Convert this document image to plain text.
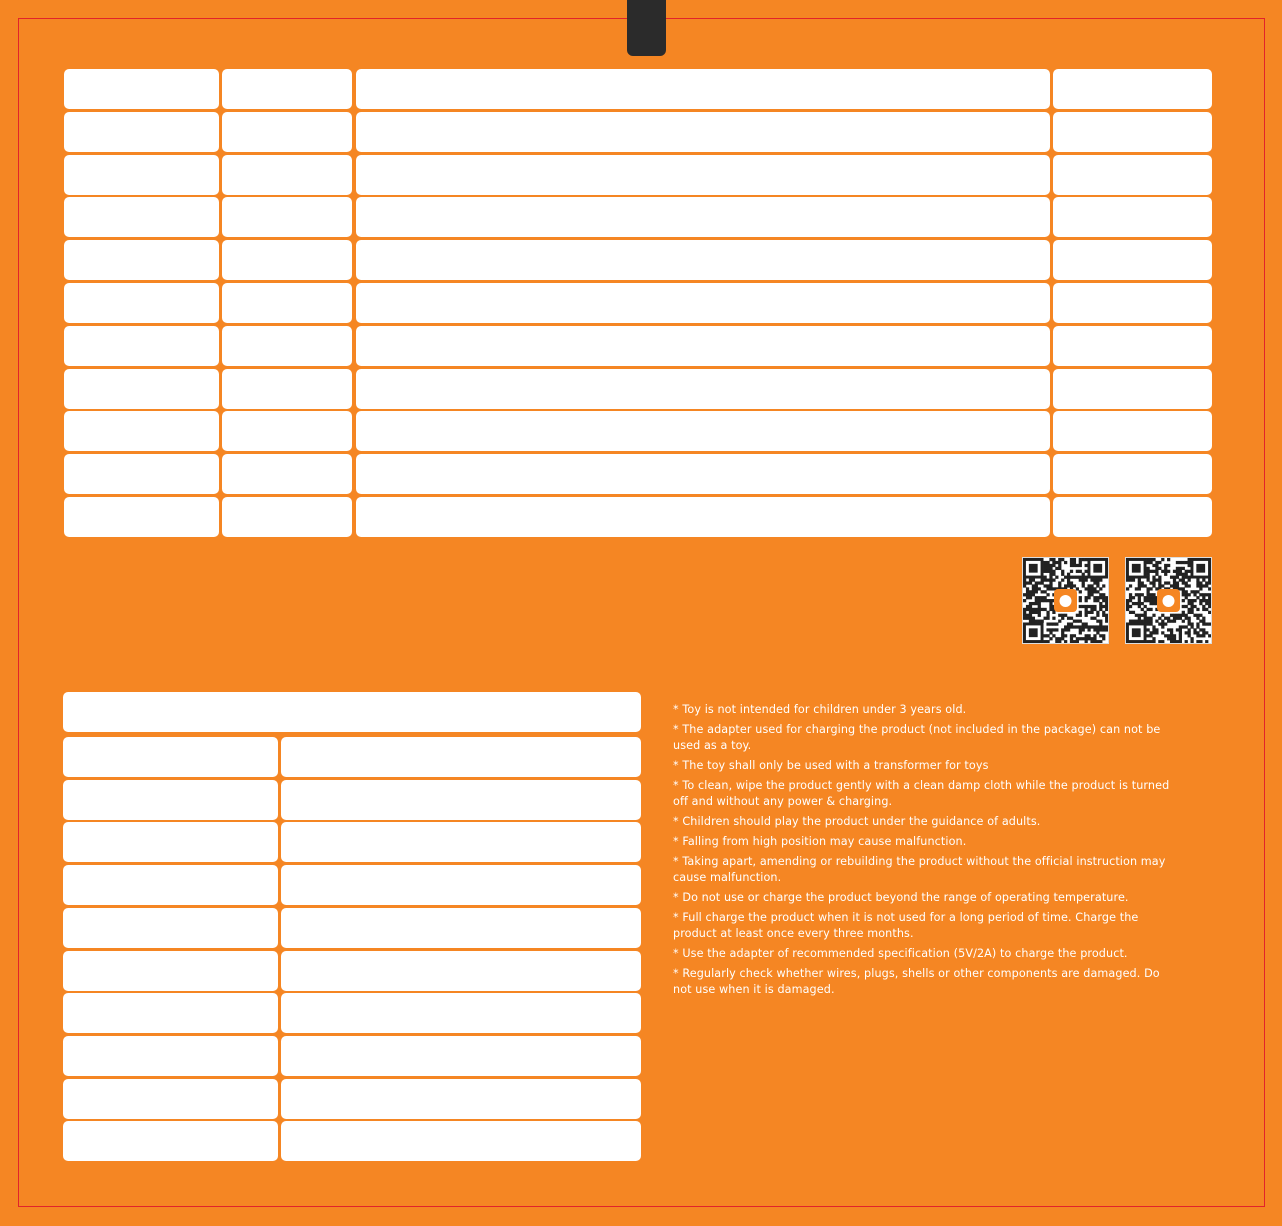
* Toy is not intended for children under 3 years old.
* The adapter used for charging the product (not included in the package) can not be used as a toy.
* The toy shall only be used with a transformer for toys
* To clean, wipe the product gently with a clean damp cloth while the product is turned off and without any power & charging.
* Children should play the product under the guidance of adults.
* Falling from high position may cause malfunction.
* Taking apart, amending or rebuilding the product without the official instruction may cause malfunction.
* Do not use or charge the product beyond the range of operating temperature.
* Full charge the product when it is not used for a long period of time. Charge the product at least once every three months.
* Use the adapter of recommended specification (5V/2A) to charge the product.
* Regularly check whether wires, plugs, shells or other components are damaged. Do not use when it is damaged.
